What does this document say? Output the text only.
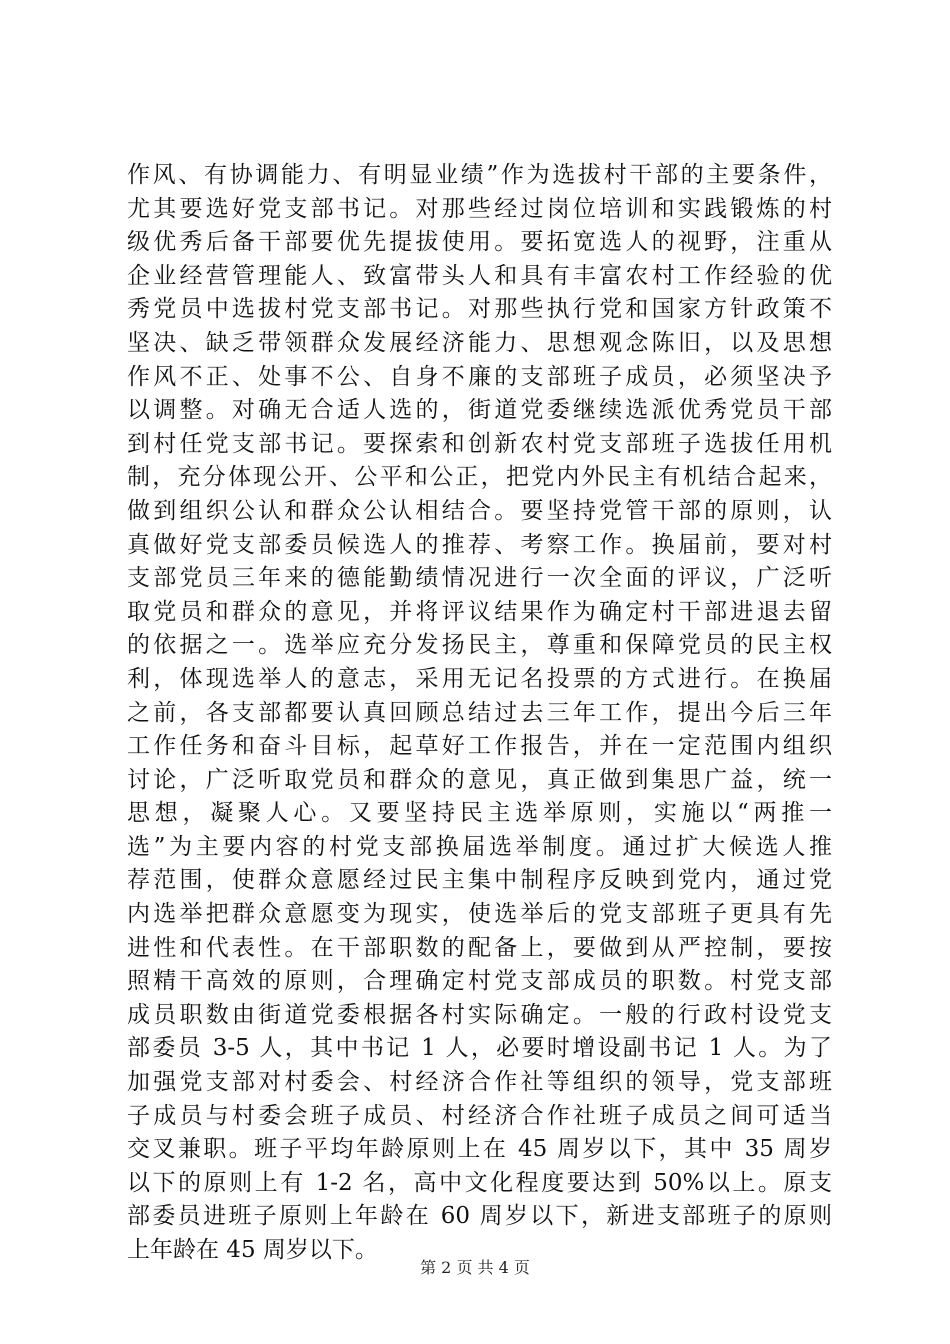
作风、有协调能力、有明显业绩”作为选拔村干部的主要条件，
尤其要选好党支部书记。对那些经过岗位培训和实践锻炼的村
级优秀后备干部要优先提拔使用。要拓宽选人的视野，注重从
企业经营管理能人、致富带头人和具有丰富农村工作经验的优
秀党员中选拔村党支部书记。对那些执行党和国家方针政策不
坚决、缺乏带领群众发展经济能力、思想观念陈旧，以及思想
作风不正、处事不公、自身不廉的支部班子成员，必须坚决予
以调整。对确无合适人选的，街道党委继续选派优秀党员干部
到村任党支部书记。要探索和创新农村党支部班子选拔任用机
制，充分体现公开、公平和公正，把党内外民主有机结合起来，
做到组织公认和群众公认相结合。要坚持党管干部的原则，认
真做好党支部委员候选人的推荐、考察工作。换届前，要对村
支部党员三年来的德能勤绩情况进行一次全面的评议，广泛听
取党员和群众的意见，并将评议结果作为确定村干部进退去留
的依据之一。选举应充分发扬民主，尊重和保障党员的民主权
利，体现选举人的意志，采用无记名投票的方式进行。在换届
之前，各支部都要认真回顾总结过去三年工作，提出今后三年
工作任务和奋斗目标，起草好工作报告，并在一定范围内组织
讨论，广泛听取党员和群众的意见，真正做到集思广益，统一
思想，凝聚人心。又要坚持民主选举原则，实施以“两推一
选”为主要内容的村党支部换届选举制度。通过扩大候选人推
荐范围，使群众意愿经过民主集中制程序反映到党内，通过党
内选举把群众意愿变为现实，使选举后的党支部班子更具有先
进性和代表性。在干部职数的配备上，要做到从严控制，要按
照精干高效的原则，合理确定村党支部成员的职数。村党支部
成员职数由街道党委根据各村实际确定。一般的行政村设党支
部委员 3-5 人，其中书记 1 人，必要时增设副书记 1 人。为了
加强党支部对村委会、村经济合作社等组织的领导，党支部班
子成员与村委会班子成员、村经济合作社班子成员之间可适当
交叉兼职。班子平均年龄原则上在 45 周岁以下，其中 35 周岁
以下的原则上有 1-2 名，高中文化程度要达到 50%以上。原支
部委员进班子原则上年龄在 60 周岁以下，新进支部班子的原则
上年龄在 45 周岁以下。
第 2 页 共 4 页
